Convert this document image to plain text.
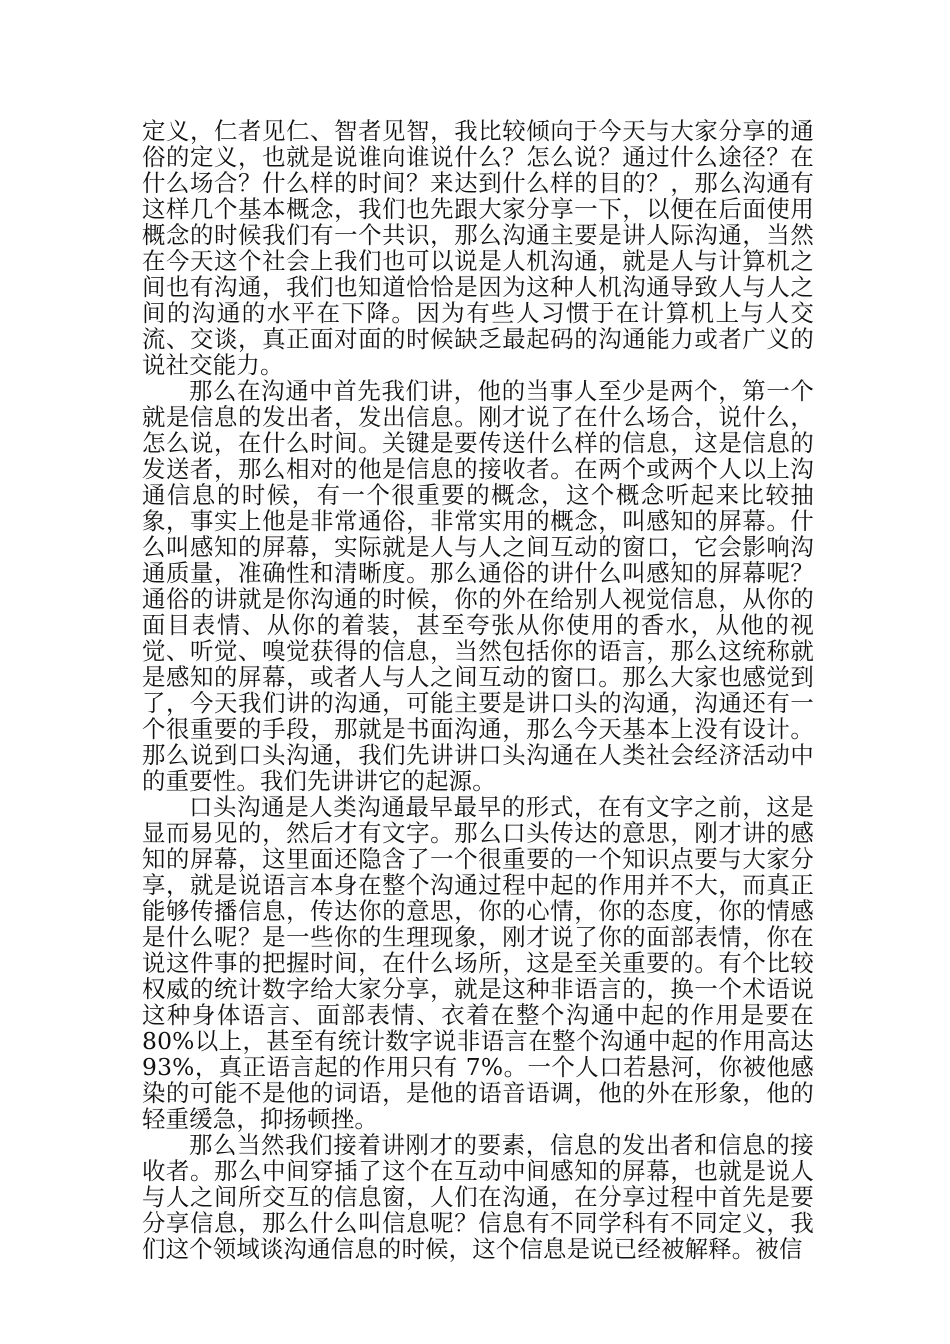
定义，仁者见仁、智者见智，我比较倾向于今天与大家分享的通俗的定义，也就是说谁向谁说什么？怎么说？通过什么途径？在什么场合？什么样的时间？来达到什么样的目的？，那么沟通有这样几个基本概念，我们也先跟大家分享一下，以便在后面使用概念的时候我们有一个共识，那么沟通主要是讲人际沟通，当然在今天这个社会上我们也可以说是人机沟通，就是人与计算机之间也有沟通，我们也知道恰恰是因为这种人机沟通导致人与人之间的沟通的水平在下降。因为有些人习惯于在计算机上与人交流、交谈，真正面对面的时候缺乏最起码的沟通能力或者广义的说社交能力。

那么在沟通中首先我们讲，他的当事人至少是两个，第一个就是信息的发出者，发出信息。刚才说了在什么场合，说什么，怎么说，在什么时间。关键是要传送什么样的信息，这是信息的发送者，那么相对的他是信息的接收者。在两个或两个人以上沟通信息的时候，有一个很重要的概念，这个概念听起来比较抽象，事实上他是非常通俗，非常实用的概念，叫感知的屏幕。什么叫感知的屏幕，实际就是人与人之间互动的窗口，它会影响沟通质量，准确性和清晰度。那么通俗的讲什么叫感知的屏幕呢？通俗的讲就是你沟通的时候，你的外在给别人视觉信息，从你的面目表情、从你的着装，甚至夸张从你使用的香水，从他的视觉、听觉、嗅觉获得的信息，当然包括你的语言，那么这统称就是感知的屏幕，或者人与人之间互动的窗口。那么大家也感觉到了，今天我们讲的沟通，可能主要是讲口头的沟通，沟通还有一个很重要的手段，那就是书面沟通，那么今天基本上没有设计。那么说到口头沟通，我们先讲讲口头沟通在人类社会经济活动中的重要性。我们先讲讲它的起源。

口头沟通是人类沟通最早最早的形式，在有文字之前，这是显而易见的，然后才有文字。那么口头传达的意思，刚才讲的感知的屏幕，这里面还隐含了一个很重要的一个知识点要与大家分享，就是说语言本身在整个沟通过程中起的作用并不大，而真正能够传播信息，传达你的意思，你的心情，你的态度，你的情感是什么呢？是一些你的生理现象，刚才说了你的面部表情，你在说这件事的把握时间，在什么场所，这是至关重要的。有个比较权威的统计数字给大家分享，就是这种非语言的，换一个术语说这种身体语言、面部表情、衣着在整个沟通中起的作用是要在80%以上，甚至有统计数字说非语言在整个沟通中起的作用高达93%，真正语言起的作用只有 7%。一个人口若悬河，你被他感染的可能不是他的词语，是他的语音语调，他的外在形象，他的轻重缓急，抑扬顿挫。

那么当然我们接着讲刚才的要素，信息的发出者和信息的接收者。那么中间穿插了这个在互动中间感知的屏幕，也就是说人与人之间所交互的信息窗，人们在沟通，在分享过程中首先是要分享信息，那么什么叫信息呢？信息有不同学科有不同定义，我们这个领域谈沟通信息的时候，这个信息是说已经被解释。被信
